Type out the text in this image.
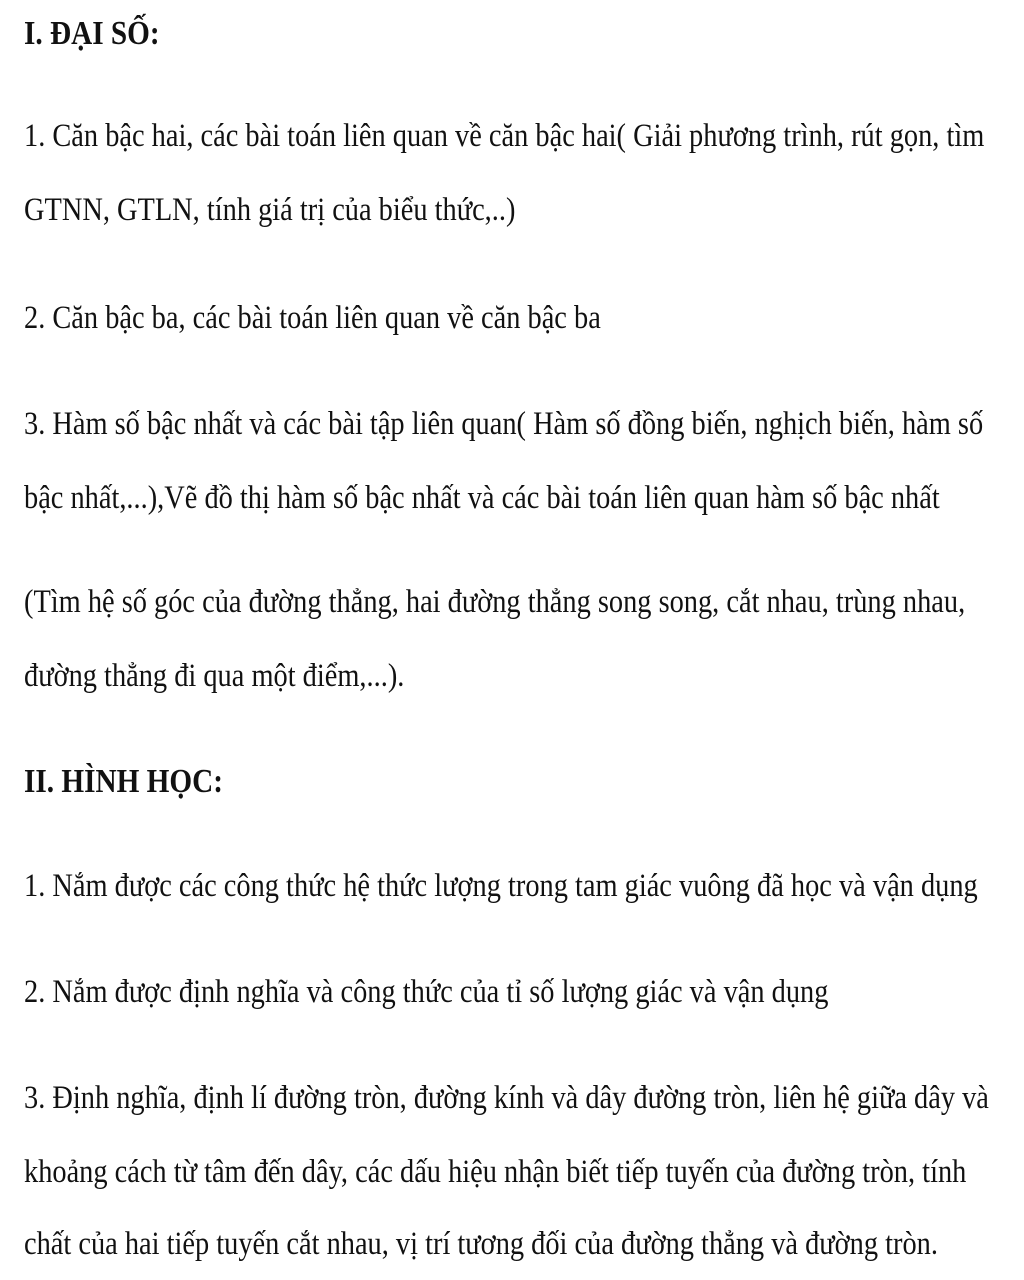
I. ĐẠI SỐ:
1. Căn bậc hai, các bài toán liên quan về căn bậc hai( Giải phương trình, rút gọn, tìm
GTNN, GTLN, tính giá trị của biểu thức,..)
2. Căn bậc ba, các bài toán liên quan về căn bậc ba
3. Hàm số bậc nhất và các bài tập liên quan( Hàm số đồng biến, nghịch biến, hàm số
bậc nhất,...),Vẽ đồ thị hàm số bậc nhất và các bài toán liên quan hàm số bậc nhất
(Tìm hệ số góc của đường thẳng, hai đường thẳng song song, cắt nhau, trùng nhau,
đường thẳng đi qua một điểm,...).
II. HÌNH HỌC:
1. Nắm được các công thức hệ thức lượng trong tam giác vuông đã học và vận dụng
2. Nắm được định nghĩa và công thức của tỉ số lượng giác và vận dụng
3. Định nghĩa, định lí đường tròn, đường kính và dây đường tròn, liên hệ giữa dây và
khoảng cách từ tâm đến dây, các dấu hiệu nhận biết tiếp tuyến của đường tròn, tính
chất của hai tiếp tuyến cắt nhau, vị trí tương đối của đường thẳng và đường tròn.
